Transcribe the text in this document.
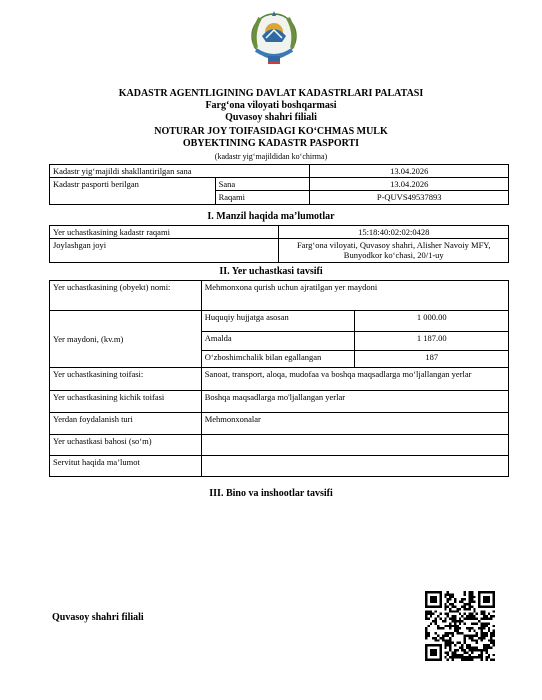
KADASTR AGENTLIGINING DAVLAT KADASTRLARI PALATASI
Farg‘ona viloyati boshqarmasi
Quvasoy shahri filiali
NOTURAR JOY TOIFASIDAGI KO‘CHMAS MULK
OBYEKTINING KADASTR PASPORTI
(kadastr yig‘majildidan ko‘chirma)
Kadastr yig‘majildi shakllantirilgan sana		13.04.2026
Kadastr pasporti berilgan	Sana	13.04.2026
	Raqami	P-QUVS49537893
I. Manzil haqida ma’lumotlar
Yer uchastkasining kadastr raqami	15:18:40:02:02:0428
Joylashgan joyi	Farg‘ona viloyati, Quvasoy shahri, Alisher Navoiy MFY, Bunyodkor ko‘chasi, 20/1-uy
II. Yer uchastkasi tavsifi
Yer uchastkasining (obyekt) nomi:	Mehmonxona qurish uchun ajratilgan yer maydoni	
Yer maydoni, (kv.m)	Huquqiy hujjatga asosan	1 000.00
	Amalda	1 187.00
	O‘zboshimchalik bilan egallangan	187
Yer uchastkasining toifasi:	Sanoat, transport, aloqa, mudofaa va boshqa maqsadlarga mo‘ljallangan yerlar	
Yer uchastkasining kichik toifasi	Boshqa maqsadlarga mo'ljallangan yerlar	
Yerdan foydalanish turi	Mehmonxonalar	
Yer uchastkasi bahosi (so‘m)		
Servitut haqida ma’lumot		
III. Bino va inshootlar tavsifi
Quvasoy shahri filiali
